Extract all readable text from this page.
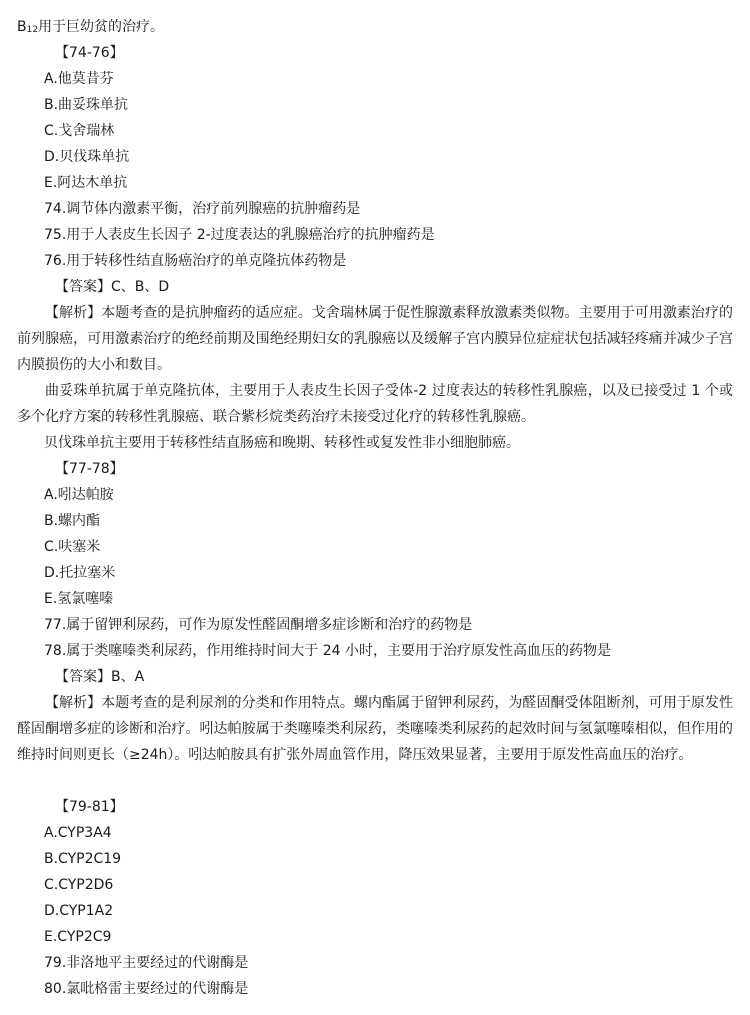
$B_{12}$用于巨幼贫的治疗。
【74-76】
A.他莫昔芬
B.曲妥珠单抗
C.戈舍瑞林
D.贝伐珠单抗
E.阿达木单抗
74.调节体内激素平衡，治疗前列腺癌的抗肿瘤药是
75.用于人表皮生长因子 2-过度表达的乳腺癌治疗的抗肿瘤药是
76.用于转移性结直肠癌治疗的单克隆抗体药物是
【答案】C、B、D
【解析】本题考查的是抗肿瘤药的适应症。戈舍瑞林属于促性腺激素释放激素类似物。主要用于可用激素治疗的前列腺癌，可用激素治疗的绝经前期及围绝经期妇女的乳腺癌以及缓解子宫内膜异位症症状包括减轻疼痛并减少子宫内膜损伤的大小和数目。
曲妥珠单抗属于单克隆抗体，主要用于人表皮生长因子受体-2 过度表达的转移性乳腺癌，以及已接受过 1 个或多个化疗方案的转移性乳腺癌、联合紫杉烷类药治疗未接受过化疗的转移性乳腺癌。
贝伐珠单抗主要用于转移性结直肠癌和晚期、转移性或复发性非小细胞肺癌。
【77-78】
A.吲达帕胺
B.螺内酯
C.呋塞米
D.托拉塞米
E.氢氯噻嗪
77.属于留钾利尿药，可作为原发性醛固酮增多症诊断和治疗的药物是
78.属于类噻嗪类利尿药，作用维持时间大于 24 小时，主要用于治疗原发性高血压的药物是
【答案】B、A
【解析】本题考查的是利尿剂的分类和作用特点。螺内酯属于留钾利尿药，为醛固酮受体阻断剂，可用于原发性醛固酮增多症的诊断和治疗。吲达帕胺属于类噻嗪类利尿药，类噻嗪类利尿药的起效时间与氢氯噻嗪相似，但作用的维持时间则更长（≥24h）。吲达帕胺具有扩张外周血管作用，降压效果显著，主要用于原发性高血压的治疗。
【79-81】
A.CYP3A4
B.CYP2C19
C.CYP2D6
D.CYP1A2
E.CYP2C9
79.非洛地平主要经过的代谢酶是
80.氯吡格雷主要经过的代谢酶是
